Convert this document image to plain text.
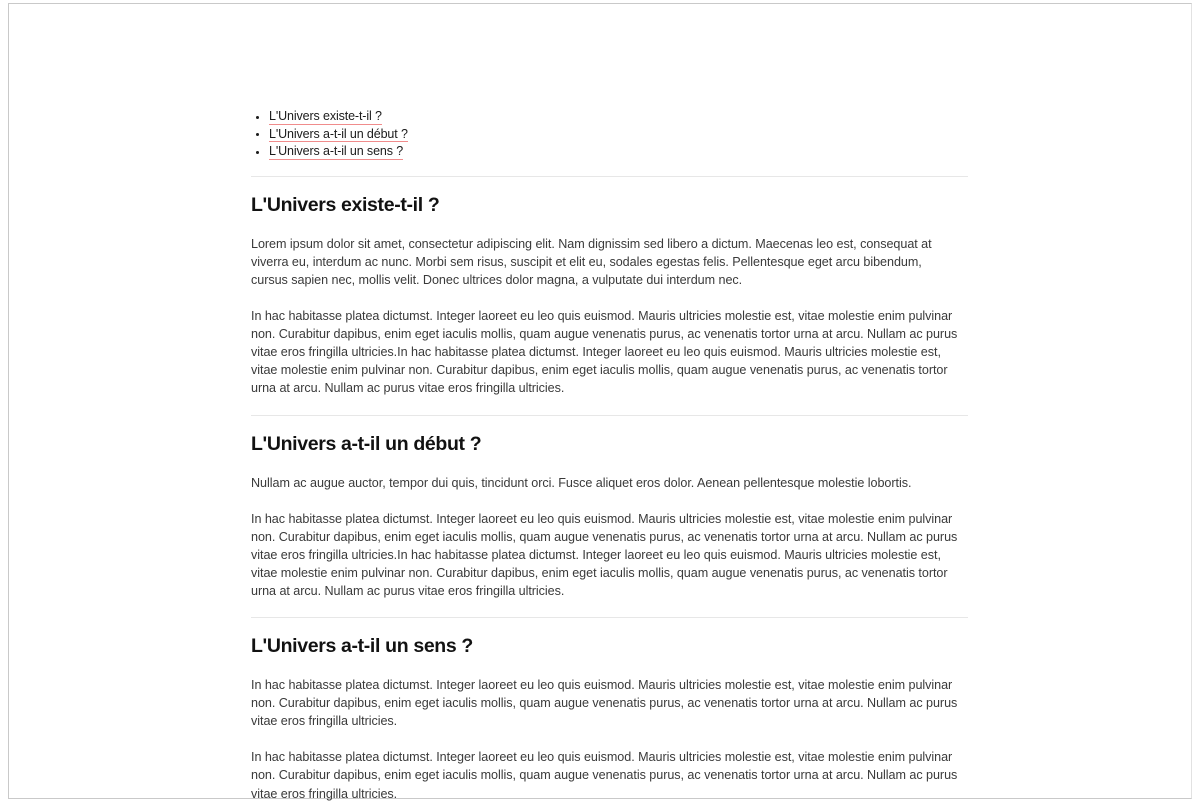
L'Univers existe-t-il ?
L'Univers a-t-il un début ?
L'Univers a-t-il un sens ?
L'Univers existe-t-il ?

Lorem ipsum dolor sit amet, consectetur adipiscing elit. Nam dignissim sed libero a dictum. Maecenas leo est, consequat at viverra eu, interdum ac nunc. Morbi sem risus, suscipit et elit eu, sodales egestas felis. Pellentesque eget arcu bibendum, cursus sapien nec, mollis velit. Donec ultrices dolor magna, a vulputate dui interdum nec.

In hac habitasse platea dictumst. Integer laoreet eu leo quis euismod. Mauris ultricies molestie est, vitae molestie enim pulvinar non. Curabitur dapibus, enim eget iaculis mollis, quam augue venenatis purus, ac venenatis tortor urna at arcu. Nullam ac purus vitae eros fringilla ultricies.In hac habitasse platea dictumst. Integer laoreet eu leo quis euismod. Mauris ultricies molestie est, vitae molestie enim pulvinar non. Curabitur dapibus, enim eget iaculis mollis, quam augue venenatis purus, ac venenatis tortor urna at arcu. Nullam ac purus vitae eros fringilla ultricies.

L'Univers a-t-il un début ?

Nullam ac augue auctor, tempor dui quis, tincidunt orci. Fusce aliquet eros dolor. Aenean pellentesque molestie lobortis.

In hac habitasse platea dictumst. Integer laoreet eu leo quis euismod. Mauris ultricies molestie est, vitae molestie enim pulvinar non. Curabitur dapibus, enim eget iaculis mollis, quam augue venenatis purus, ac venenatis tortor urna at arcu. Nullam ac purus vitae eros fringilla ultricies.In hac habitasse platea dictumst. Integer laoreet eu leo quis euismod. Mauris ultricies molestie est, vitae molestie enim pulvinar non. Curabitur dapibus, enim eget iaculis mollis, quam augue venenatis purus, ac venenatis tortor urna at arcu. Nullam ac purus vitae eros fringilla ultricies.

L'Univers a-t-il un sens ?

In hac habitasse platea dictumst. Integer laoreet eu leo quis euismod. Mauris ultricies molestie est, vitae molestie enim pulvinar non. Curabitur dapibus, enim eget iaculis mollis, quam augue venenatis purus, ac venenatis tortor urna at arcu. Nullam ac purus vitae eros fringilla ultricies.

In hac habitasse platea dictumst. Integer laoreet eu leo quis euismod. Mauris ultricies molestie est, vitae molestie enim pulvinar non. Curabitur dapibus, enim eget iaculis mollis, quam augue venenatis purus, ac venenatis tortor urna at arcu. Nullam ac purus vitae eros fringilla ultricies.
